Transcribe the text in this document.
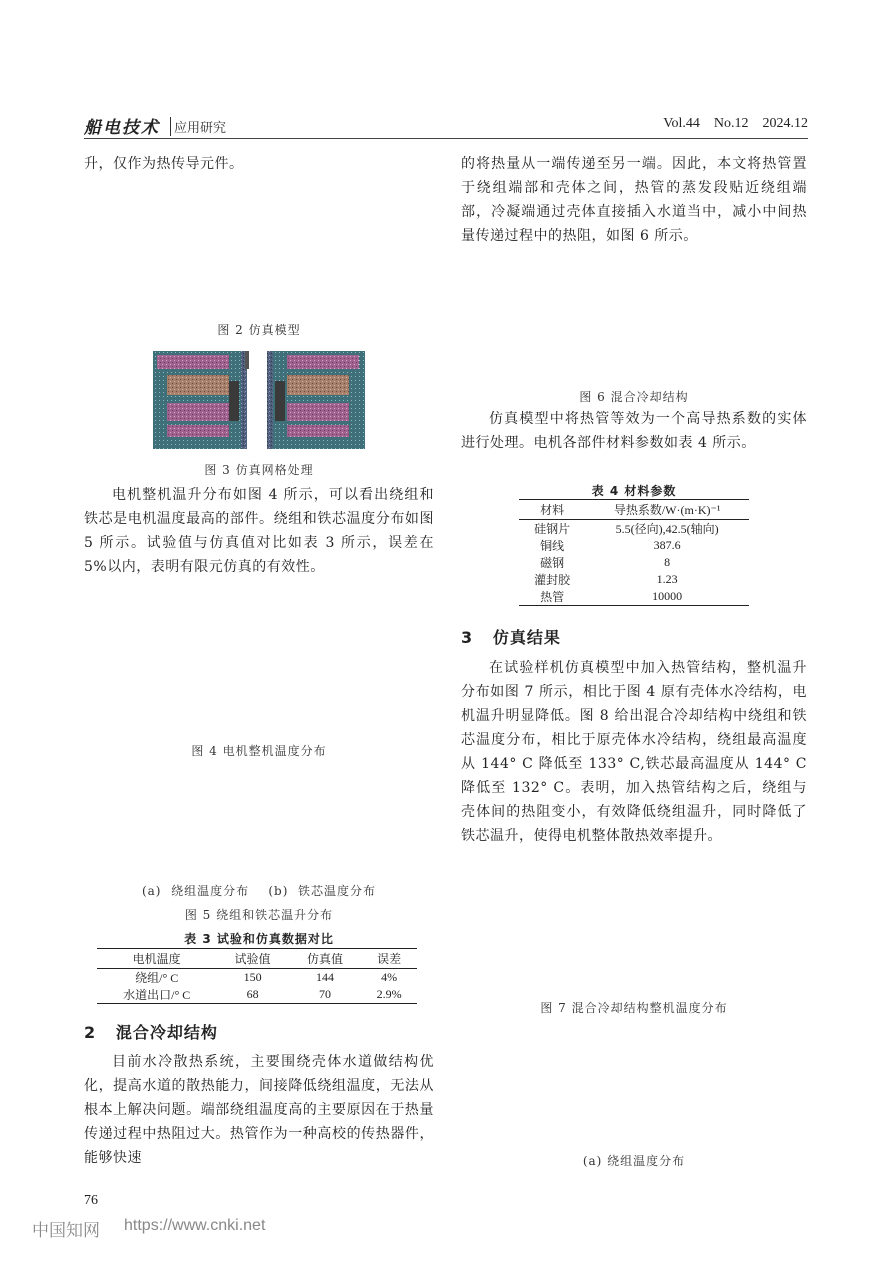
船电技术	应用研究	Vol.44    No.12    2024.12

升，仅作为热传导元件。

图 2 仿真模型
图 3 仿真网格处理

电机整机温升分布如图 4 所示，可以看出绕组和铁芯是电机温度最高的部件。绕组和铁芯温度分布如图 5 所示。试验值与仿真值对比如表 3 所示，误差在 5%以内，表明有限元仿真的有效性。

图 4 电机整机温度分布
(a)  绕组温度分布    (b)  铁芯温度分布
图 5 绕组和铁芯温升分布
表 3 试验和仿真数据对比
电机温度	试验值	仿真值	误差
绕组/° C	150	144	4%
水道出口/° C	68	70	2.9%
2   混合冷却结构

目前水冷散热系统，主要围绕壳体水道做结构优化，提高水道的散热能力，间接降低绕组温度，无法从根本上解决问题。端部绕组温度高的主要原因在于热量传递过程中热阻过大。热管作为一种高校的传热器件，能够快速

的将热量从一端传递至另一端。因此，本文将热管置于绕组端部和壳体之间，热管的蒸发段贴近绕组端部，冷凝端通过壳体直接插入水道当中，减小中间热量传递过程中的热阻，如图 6 所示。

图 6 混合冷却结构

仿真模型中将热管等效为一个高导热系数的实体进行处理。电机各部件材料参数如表 4 所示。

表 4 材料参数
材料	导热系数/W·(m·K)⁻¹
硅钢片	5.5(径向),42.5(轴向)
铜线	387.6
磁钢	8
灌封胶	1.23
热管	10000
3   仿真结果

在试验样机仿真模型中加入热管结构，整机温升分布如图 7 所示，相比于图 4 原有壳体水冷结构，电机温升明显降低。图 8 给出混合冷却结构中绕组和铁芯温度分布，相比于原壳体水冷结构，绕组最高温度从 144° C 降低至 133° C,铁芯最高温度从 144° C 降低至 132° C。表明，加入热管结构之后，绕组与壳体间的热阻变小，有效降低绕组温升，同时降低了铁芯温升，使得电机整体散热效率提升。

图 7 混合冷却结构整机温度分布
(a) 绕组温度分布
76
中国知网 https://www.cnki.net
